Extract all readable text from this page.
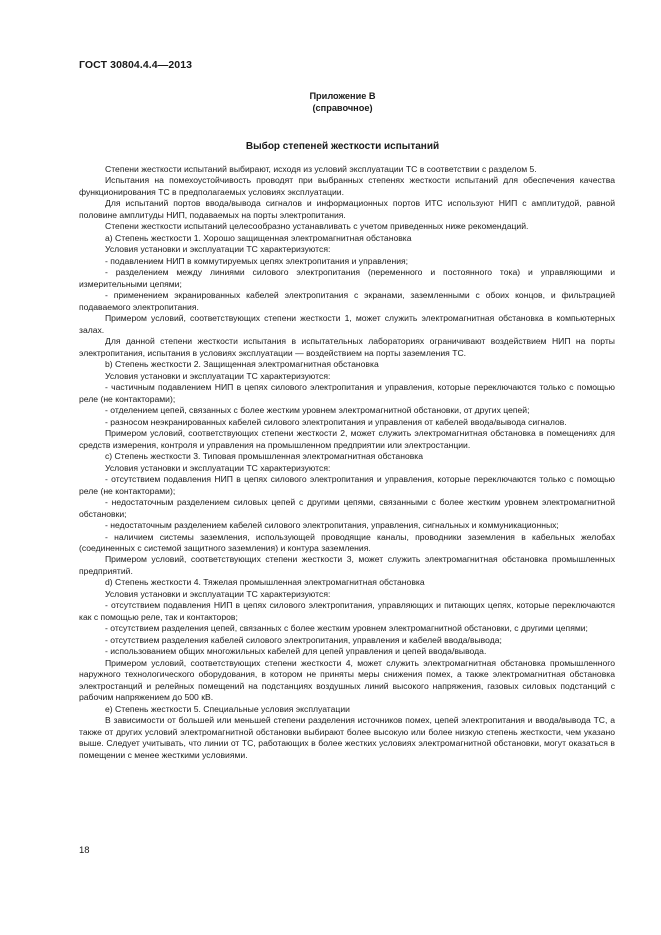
ГОСТ 30804.4.4—2013
Приложение В
(справочное)
Выбор степеней жесткости испытаний

Степени жесткости испытаний выбирают, исходя из условий эксплуатации ТС в соответствии с разделом 5.

Испытания на помехоустойчивость проводят при выбранных степенях жесткости испытаний для обеспечения качества функционирования ТС в предполагаемых условиях эксплуатации.

Для испытаний портов ввода/вывода сигналов и информационных портов ИТС используют НИП с амплитудой, равной половине амплитуды НИП, подаваемых на порты электропитания.

Степени жесткости испытаний целесообразно устанавливать с учетом приведенных ниже рекомендаций.

a) Степень жесткости 1. Хорошо защищенная электромагнитная обстановка

Условия установки и эксплуатации ТС характеризуются:

- подавлением НИП в коммутируемых цепях электропитания и управления;

- разделением между линиями силового электропитания (переменного и постоянного тока) и управляющими и измерительными цепями;

- применением экранированных кабелей электропитания с экранами, заземленными с обоих концов, и фильтрацией подаваемого электропитания.

Примером условий, соответствующих степени жесткости 1, может служить электромагнитная обстановка в компьютерных залах.

Для данной степени жесткости испытания в испытательных лабораториях ограничивают воздействием НИП на порты электропитания, испытания в условиях эксплуатации — воздействием на порты заземления ТС.

b) Степень жесткости 2. Защищенная электромагнитная обстановка

Условия установки и эксплуатации ТС характеризуются:

- частичным подавлением НИП в цепях силового электропитания и управления, которые переключаются только с помощью реле (не контакторами);

- отделением цепей, связанных с более жестким уровнем электромагнитной обстановки, от других цепей;

- разносом неэкранированных кабелей силового электропитания и управления от кабелей ввода/вывода сигналов.

Примером условий, соответствующих степени жесткости 2, может служить электромагнитная обстановка в помещениях для средств измерения, контроля и управления на промышленном предприятии или электростанции.

c) Степень жесткости 3. Типовая промышленная электромагнитная обстановка

Условия установки и эксплуатации ТС характеризуются:

- отсутствием подавления НИП в цепях силового электропитания и управления, которые переключаются только с помощью реле (не контакторами);

- недостаточным разделением силовых цепей с другими цепями, связанными с более жестким уровнем электромагнитной обстановки;

- недостаточным разделением кабелей силового электропитания, управления, сигнальных и коммуникационных;

- наличием системы заземления, использующей проводящие каналы, проводники заземления в кабельных желобах (соединенных с системой защитного заземления) и контура заземления.

Примером условий, соответствующих степени жесткости 3, может служить электромагнитная обстановка промышленных предприятий.

d) Степень жесткости 4. Тяжелая промышленная электромагнитная обстановка

Условия установки и эксплуатации ТС характеризуются:

- отсутствием подавления НИП в цепях силового электропитания, управляющих и питающих цепях, которые переключаются как с помощью реле, так и контакторов;

- отсутствием разделения цепей, связанных с более жестким уровнем электромагнитной обстановки, с другими цепями;

- отсутствием разделения кабелей силового электропитания, управления и кабелей ввода/вывода;

- использованием общих многожильных кабелей для цепей управления и цепей ввода/вывода.

Примером условий, соответствующих степени жесткости 4, может служить электромагнитная обстановка промышленного наружного технологического оборудования, в котором не приняты меры снижения помех, а также электромагнитная обстановка электростанций и релейных помещений на подстанциях воздушных линий высокого напряжения, газовых силовых подстанций с рабочим напряжением до 500 кВ.

e) Степень жесткости 5. Специальные условия эксплуатации

В зависимости от большей или меньшей степени разделения источников помех, цепей электропитания и ввода/вывода ТС, а также от других условий электромагнитной обстановки выбирают более высокую или более низкую степень жесткости, чем указано выше. Следует учитывать, что линии от ТС, работающих в более жестких условиях электромагнитной обстановки, могут оказаться в помещении с менее жесткими условиями.

18
